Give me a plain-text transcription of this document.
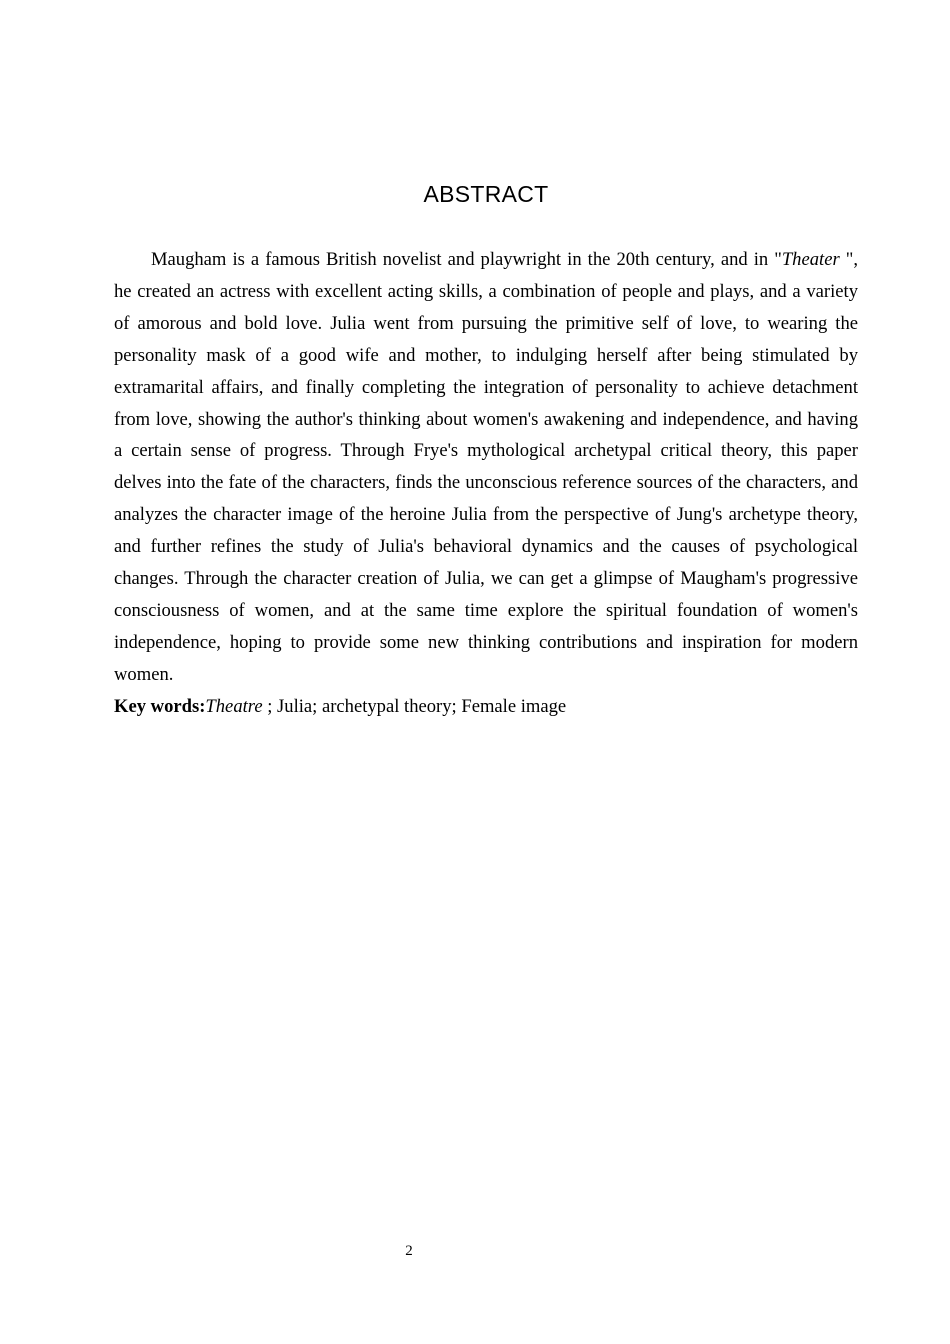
ABSTRACT

Maugham is a famous British novelist and playwright in the 20th century, and in "Theater ", he created an actress with excellent acting skills, a combination of people and plays, and a variety of amorous and bold love. Julia went from pursuing the primitive self of love, to wearing the personality mask of a good wife and mother, to indulging herself after being stimulated by extramarital affairs, and finally completing the integration of personality to achieve detachment from love, showing the author's thinking about women's awakening and independence, and having a certain sense of progress. Through Frye's mythological archetypal critical theory, this paper delves into the fate of the characters, finds the unconscious reference sources of the characters, and analyzes the character image of the heroine Julia from the perspective of Jung's archetype theory, and further refines the study of Julia's behavioral dynamics and the causes of psychological changes. Through the character creation of Julia, we can get a glimpse of Maugham's progressive consciousness of women, and at the same time explore the spiritual foundation of women's independence, hoping to provide some new thinking contributions and inspiration for modern women.

Key words:Theatre ; Julia; archetypal theory; Female image

2
